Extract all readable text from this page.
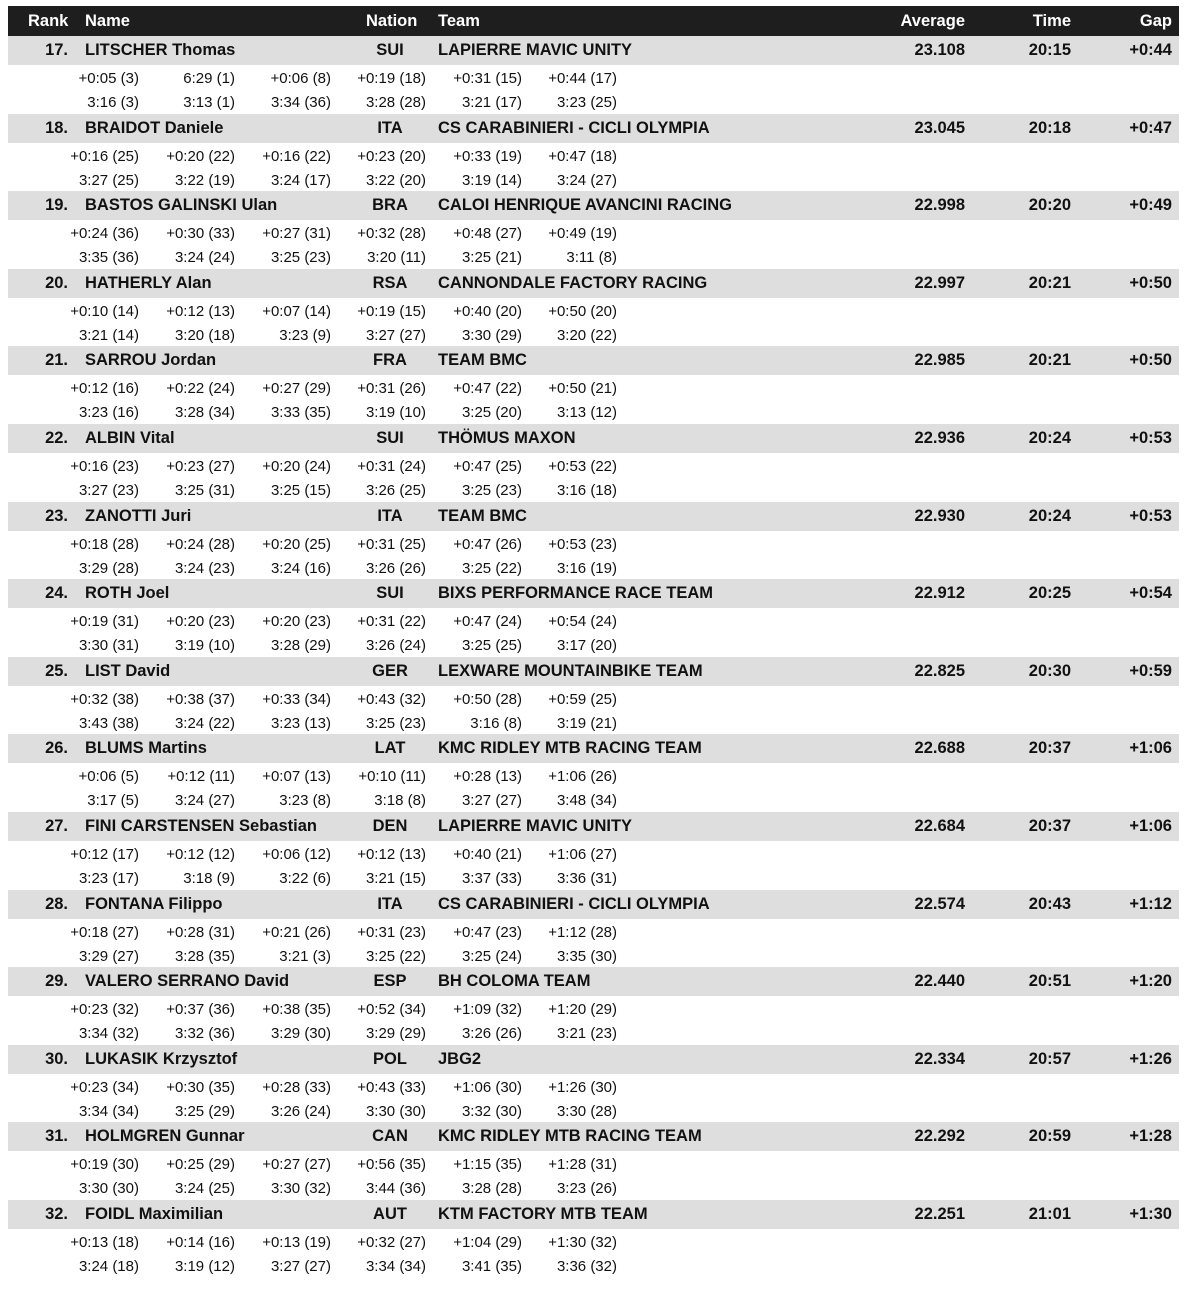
Rank Name	Nation Team	Average	Time	Gap
17. LITSCHER Thomas	SUI LAPIERRE MAVIC UNITY	23.108	20:15	+0:44
+0:05 (3)	6:29 (1)	+0:06 (8)	+0:19 (18)	+0:31 (15)	+0:44 (17)
3:16 (3)	3:13 (1)	3:34 (36)	3:28 (28)	3:21 (17)	3:23 (25)
18. BRAIDOT Daniele	ITA CS CARABINIERI - CICLI OLYMPIA	23.045	20:18	+0:47
+0:16 (25)	+0:20 (22)	+0:16 (22)	+0:23 (20)	+0:33 (19)	+0:47 (18)
3:27 (25)	3:22 (19)	3:24 (17)	3:22 (20)	3:19 (14)	3:24 (27)
19. BASTOS GALINSKI Ulan	BRA CALOI HENRIQUE AVANCINI RACING	22.998	20:20	+0:49
+0:24 (36)	+0:30 (33)	+0:27 (31)	+0:32 (28)	+0:48 (27)	+0:49 (19)
3:35 (36)	3:24 (24)	3:25 (23)	3:20 (11)	3:25 (21)	3:11 (8)
20. HATHERLY Alan	RSA CANNONDALE FACTORY RACING	22.997	20:21	+0:50
+0:10 (14)	+0:12 (13)	+0:07 (14)	+0:19 (15)	+0:40 (20)	+0:50 (20)
3:21 (14)	3:20 (18)	3:23 (9)	3:27 (27)	3:30 (29)	3:20 (22)
21. SARROU Jordan	FRA TEAM BMC	22.985	20:21	+0:50
+0:12 (16)	+0:22 (24)	+0:27 (29)	+0:31 (26)	+0:47 (22)	+0:50 (21)
3:23 (16)	3:28 (34)	3:33 (35)	3:19 (10)	3:25 (20)	3:13 (12)
22. ALBIN Vital	SUI THÖMUS MAXON	22.936	20:24	+0:53
+0:16 (23)	+0:23 (27)	+0:20 (24)	+0:31 (24)	+0:47 (25)	+0:53 (22)
3:27 (23)	3:25 (31)	3:25 (15)	3:26 (25)	3:25 (23)	3:16 (18)
23. ZANOTTI Juri	ITA TEAM BMC	22.930	20:24	+0:53
+0:18 (28)	+0:24 (28)	+0:20 (25)	+0:31 (25)	+0:47 (26)	+0:53 (23)
3:29 (28)	3:24 (23)	3:24 (16)	3:26 (26)	3:25 (22)	3:16 (19)
24. ROTH Joel	SUI BIXS PERFORMANCE RACE TEAM	22.912	20:25	+0:54
+0:19 (31)	+0:20 (23)	+0:20 (23)	+0:31 (22)	+0:47 (24)	+0:54 (24)
3:30 (31)	3:19 (10)	3:28 (29)	3:26 (24)	3:25 (25)	3:17 (20)
25. LIST David	GER LEXWARE MOUNTAINBIKE TEAM	22.825	20:30	+0:59
+0:32 (38)	+0:38 (37)	+0:33 (34)	+0:43 (32)	+0:50 (28)	+0:59 (25)
3:43 (38)	3:24 (22)	3:23 (13)	3:25 (23)	3:16 (8)	3:19 (21)
26. BLUMS Martins	LAT KMC RIDLEY MTB RACING TEAM	22.688	20:37	+1:06
+0:06 (5)	+0:12 (11)	+0:07 (13)	+0:10 (11)	+0:28 (13)	+1:06 (26)
3:17 (5)	3:24 (27)	3:23 (8)	3:18 (8)	3:27 (27)	3:48 (34)
27. FINI CARSTENSEN Sebastian	DEN LAPIERRE MAVIC UNITY	22.684	20:37	+1:06
+0:12 (17)	+0:12 (12)	+0:06 (12)	+0:12 (13)	+0:40 (21)	+1:06 (27)
3:23 (17)	3:18 (9)	3:22 (6)	3:21 (15)	3:37 (33)	3:36 (31)
28. FONTANA Filippo	ITA CS CARABINIERI - CICLI OLYMPIA	22.574	20:43	+1:12
+0:18 (27)	+0:28 (31)	+0:21 (26)	+0:31 (23)	+0:47 (23)	+1:12 (28)
3:29 (27)	3:28 (35)	3:21 (3)	3:25 (22)	3:25 (24)	3:35 (30)
29. VALERO SERRANO David	ESP BH COLOMA TEAM	22.440	20:51	+1:20
+0:23 (32)	+0:37 (36)	+0:38 (35)	+0:52 (34)	+1:09 (32)	+1:20 (29)
3:34 (32)	3:32 (36)	3:29 (30)	3:29 (29)	3:26 (26)	3:21 (23)
30. LUKASIK Krzysztof	POL JBG2	22.334	20:57	+1:26
+0:23 (34)	+0:30 (35)	+0:28 (33)	+0:43 (33)	+1:06 (30)	+1:26 (30)
3:34 (34)	3:25 (29)	3:26 (24)	3:30 (30)	3:32 (30)	3:30 (28)
31. HOLMGREN Gunnar	CAN KMC RIDLEY MTB RACING TEAM	22.292	20:59	+1:28
+0:19 (30)	+0:25 (29)	+0:27 (27)	+0:56 (35)	+1:15 (35)	+1:28 (31)
3:30 (30)	3:24 (25)	3:30 (32)	3:44 (36)	3:28 (28)	3:23 (26)
32. FOIDL Maximilian	AUT KTM FACTORY MTB TEAM	22.251	21:01	+1:30
+0:13 (18)	+0:14 (16)	+0:13 (19)	+0:32 (27)	+1:04 (29)	+1:30 (32)
3:24 (18)	3:19 (12)	3:27 (27)	3:34 (34)	3:41 (35)	3:36 (32)
